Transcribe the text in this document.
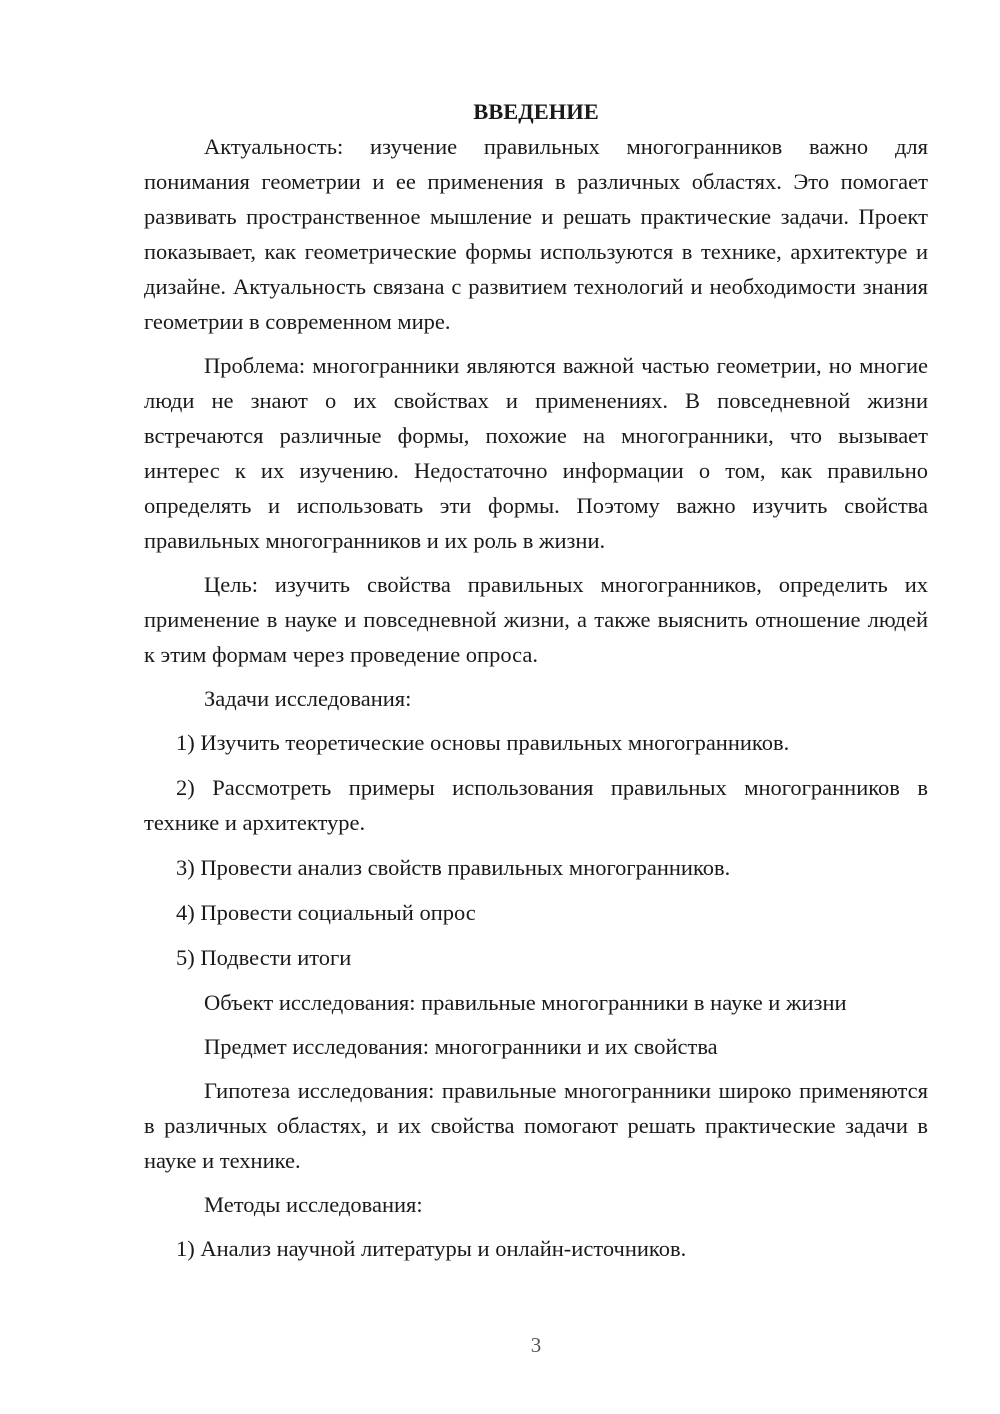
ВВЕДЕНИЕ

Актуальность: изучение правильных многогранников важно для понимания геометрии и ее применения в различных областях. Это помогает развивать пространственное мышление и решать практические задачи. Проект показывает, как геометрические формы используются в технике, архитектуре и дизайне. Актуальность связана с развитием технологий и необходимости знания геометрии в современном мире.

Проблема: многогранники являются важной частью геометрии, но многие люди не знают о их свойствах и применениях. В повседневной жизни встречаются различные формы, похожие на многогранники, что вызывает интерес к их изучению. Недостаточно информации о том, как правильно определять и использовать эти формы. Поэтому важно изучить свойства правильных многогранников и их роль в жизни.

Цель: изучить свойства правильных многогранников, определить их применение в науке и повседневной жизни, а также выяснить отношение людей к этим формам через проведение опроса.

Задачи исследования:

1) Изучить теоретические основы правильных многогранников.

2) Рассмотреть примеры использования правильных многогранников в технике и архитектуре.

3) Провести анализ свойств правильных многогранников.

4) Провести социальный опрос

5) Подвести итоги

Объект исследования: правильные многогранники в науке и жизни

Предмет исследования: многогранники и их свойства

Гипотеза исследования: правильные многогранники широко применяются в различных областях, и их свойства помогают решать практические задачи в науке и технике.

Методы исследования:

1) Анализ научной литературы и онлайн-источников.

3
